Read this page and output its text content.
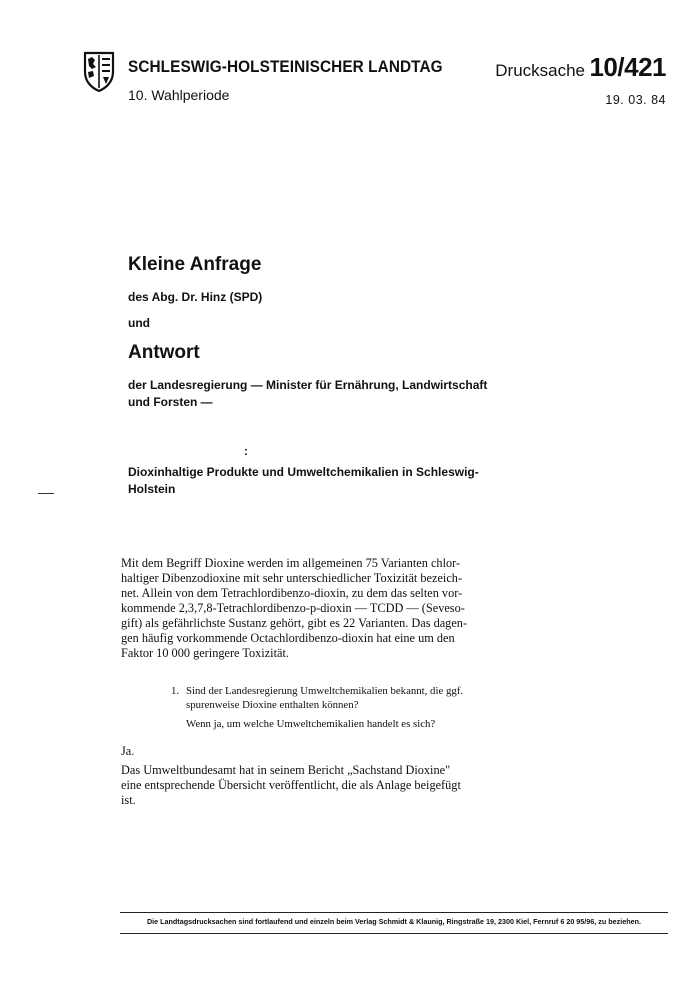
SCHLESWIG-HOLSTEINISCHER LANDTAG
10. Wahlperiode
Drucksache 10/421
19. 03. 84
Kleine Anfrage
des Abg. Dr. Hinz (SPD)
und
Antwort
der Landesregierung — Minister für Ernährung, Landwirtschaft
und Forsten —
:
Dioxinhaltige Produkte und Umweltchemikalien in Schleswig-
Holstein
Mit dem Begriff Dioxine werden im allgemeinen 75 Varianten chlor-
haltiger Dibenzodioxine mit sehr unterschiedlicher Toxizität bezeich-
net. Allein von dem Tetrachlordibenzo-dioxin, zu dem das selten vor-
kommende 2,3,7,8-Tetrachlordibenzo-p-dioxin — TCDD — (Seveso-
gift) als gefährlichste Sustanz gehört, gibt es 22 Varianten. Das dagen-
gen häufig vorkommende Octachlordibenzo-dioxin hat eine um den
Faktor 10 000 geringere Toxizität.
1. Sind der Landesregierung Umweltchemikalien bekannt, die ggf.
spurenweise Dioxine enthalten können?
Wenn ja, um welche Umweltchemikalien handelt es sich?
Ja.
Das Umweltbundesamt hat in seinem Bericht „Sachstand Dioxine"
eine entsprechende Übersicht veröffentlicht, die als Anlage beigefügt
ist.
Die Landtagsdrucksachen sind fortlaufend und einzeln beim Verlag Schmidt & Klaunig, Ringstraße 19, 2300 Kiel, Fernruf 6 20 95/96, zu beziehen.
